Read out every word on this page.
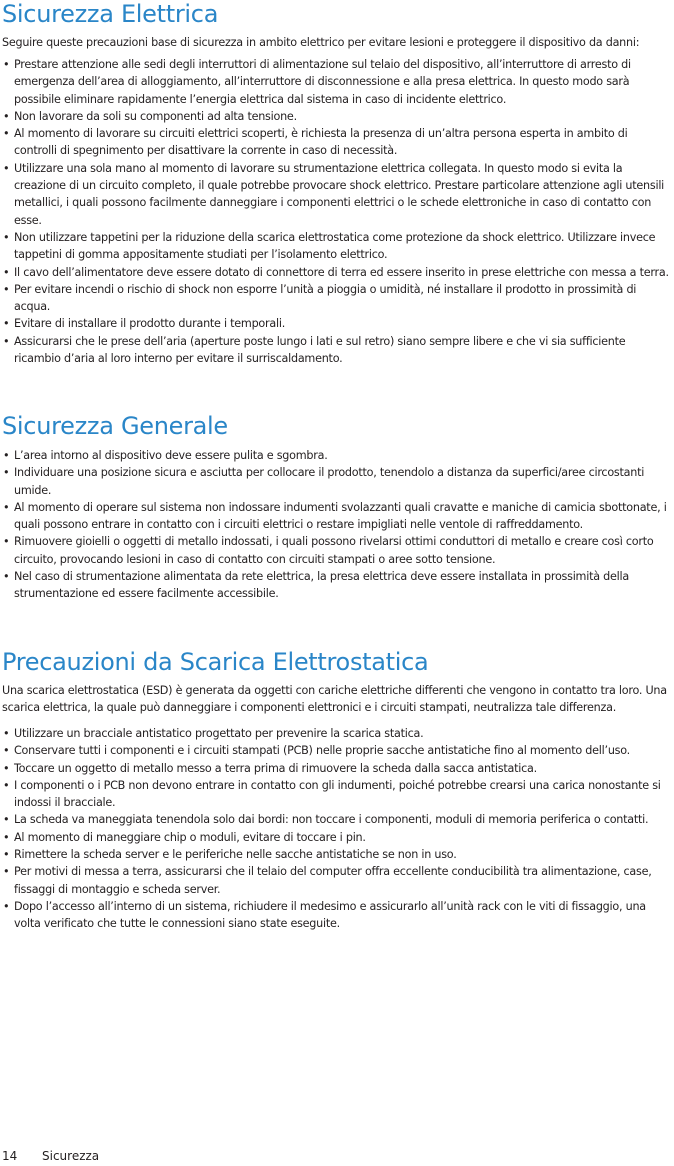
Sicurezza Elettrica

Seguire queste precauzioni base di sicurezza in ambito elettrico per evitare lesioni e proteggere il dispositivo da danni:

• Prestare attenzione alle sedi degli interruttori di alimentazione sul telaio del dispositivo, all’interruttore di arresto di emergenza dell’area di alloggiamento, all’interruttore di disconnessione e alla presa elettrica. In questo modo sarà possibile eliminare rapidamente l’energia elettrica dal sistema in caso di incidente elettrico.
• Non lavorare da soli su componenti ad alta tensione.
• Al momento di lavorare su circuiti elettrici scoperti, è richiesta la presenza di un’altra persona esperta in ambito di controlli di spegnimento per disattivare la corrente in caso di necessità.
• Utilizzare una sola mano al momento di lavorare su strumentazione elettrica collegata. In questo modo si evita la creazione di un circuito completo, il quale potrebbe provocare shock elettrico. Prestare particolare attenzione agli utensili metallici, i quali possono facilmente danneggiare i componenti elettrici o le schede elettroniche in caso di contatto con esse.
• Non utilizzare tappetini per la riduzione della scarica elettrostatica come protezione da shock elettrico. Utilizzare invece tappetini di gomma appositamente studiati per l’isolamento elettrico.
• Il cavo dell’alimentatore deve essere dotato di connettore di terra ed essere inserito in prese elettriche con messa a terra.
• Per evitare incendi o rischio di shock non esporre l’unità a pioggia o umidità, né installare il prodotto in prossimità di acqua.
• Evitare di installare il prodotto durante i temporali.
• Assicurarsi che le prese dell’aria (aperture poste lungo i lati e sul retro) siano sempre libere e che vi sia sufficiente ricambio d’aria al loro interno per evitare il surriscaldamento.
Sicurezza Generale
• L’area intorno al dispositivo deve essere pulita e sgombra.
• Individuare una posizione sicura e asciutta per collocare il prodotto, tenendolo a distanza da superfici/aree circostanti umide.
• Al momento di operare sul sistema non indossare indumenti svolazzanti quali cravatte e maniche di camicia sbottonate, i quali possono entrare in contatto con i circuiti elettrici o restare impigliati nelle ventole di raffreddamento.
• Rimuovere gioielli o oggetti di metallo indossati, i quali possono rivelarsi ottimi conduttori di metallo e creare così corto circuito, provocando lesioni in caso di contatto con circuiti stampati o aree sotto tensione.
• Nel caso di strumentazione alimentata da rete elettrica, la presa elettrica deve essere installata in prossimità della strumentazione ed essere facilmente accessibile.
Precauzioni da Scarica Elettrostatica

Una scarica elettrostatica (ESD) è generata da oggetti con cariche elettriche differenti che vengono in contatto tra loro. Una scarica elettrica, la quale può danneggiare i componenti elettronici e i circuiti stampati, neutralizza tale differenza.

• Utilizzare un bracciale antistatico progettato per prevenire la scarica statica.
• Conservare tutti i componenti e i circuiti stampati (PCB) nelle proprie sacche antistatiche fino al momento dell’uso.
• Toccare un oggetto di metallo messo a terra prima di rimuovere la scheda dalla sacca antistatica.
• I componenti o i PCB non devono entrare in contatto con gli indumenti, poiché potrebbe crearsi una carica nonostante si indossi il bracciale.
• La scheda va maneggiata tenendola solo dai bordi: non toccare i componenti, moduli di memoria periferica o contatti.
• Al momento di maneggiare chip o moduli, evitare di toccare i pin.
• Rimettere la scheda server e le periferiche nelle sacche antistatiche se non in uso.
• Per motivi di messa a terra, assicurarsi che il telaio del computer offra eccellente conducibilità tra alimentazione, case, fissaggi di montaggio e scheda server.
• Dopo l’accesso all’interno di un sistema, richiudere il medesimo e assicurarlo all’unità rack con le viti di fissaggio, una volta verificato che tutte le connessioni siano state eseguite.
14 Sicurezza
